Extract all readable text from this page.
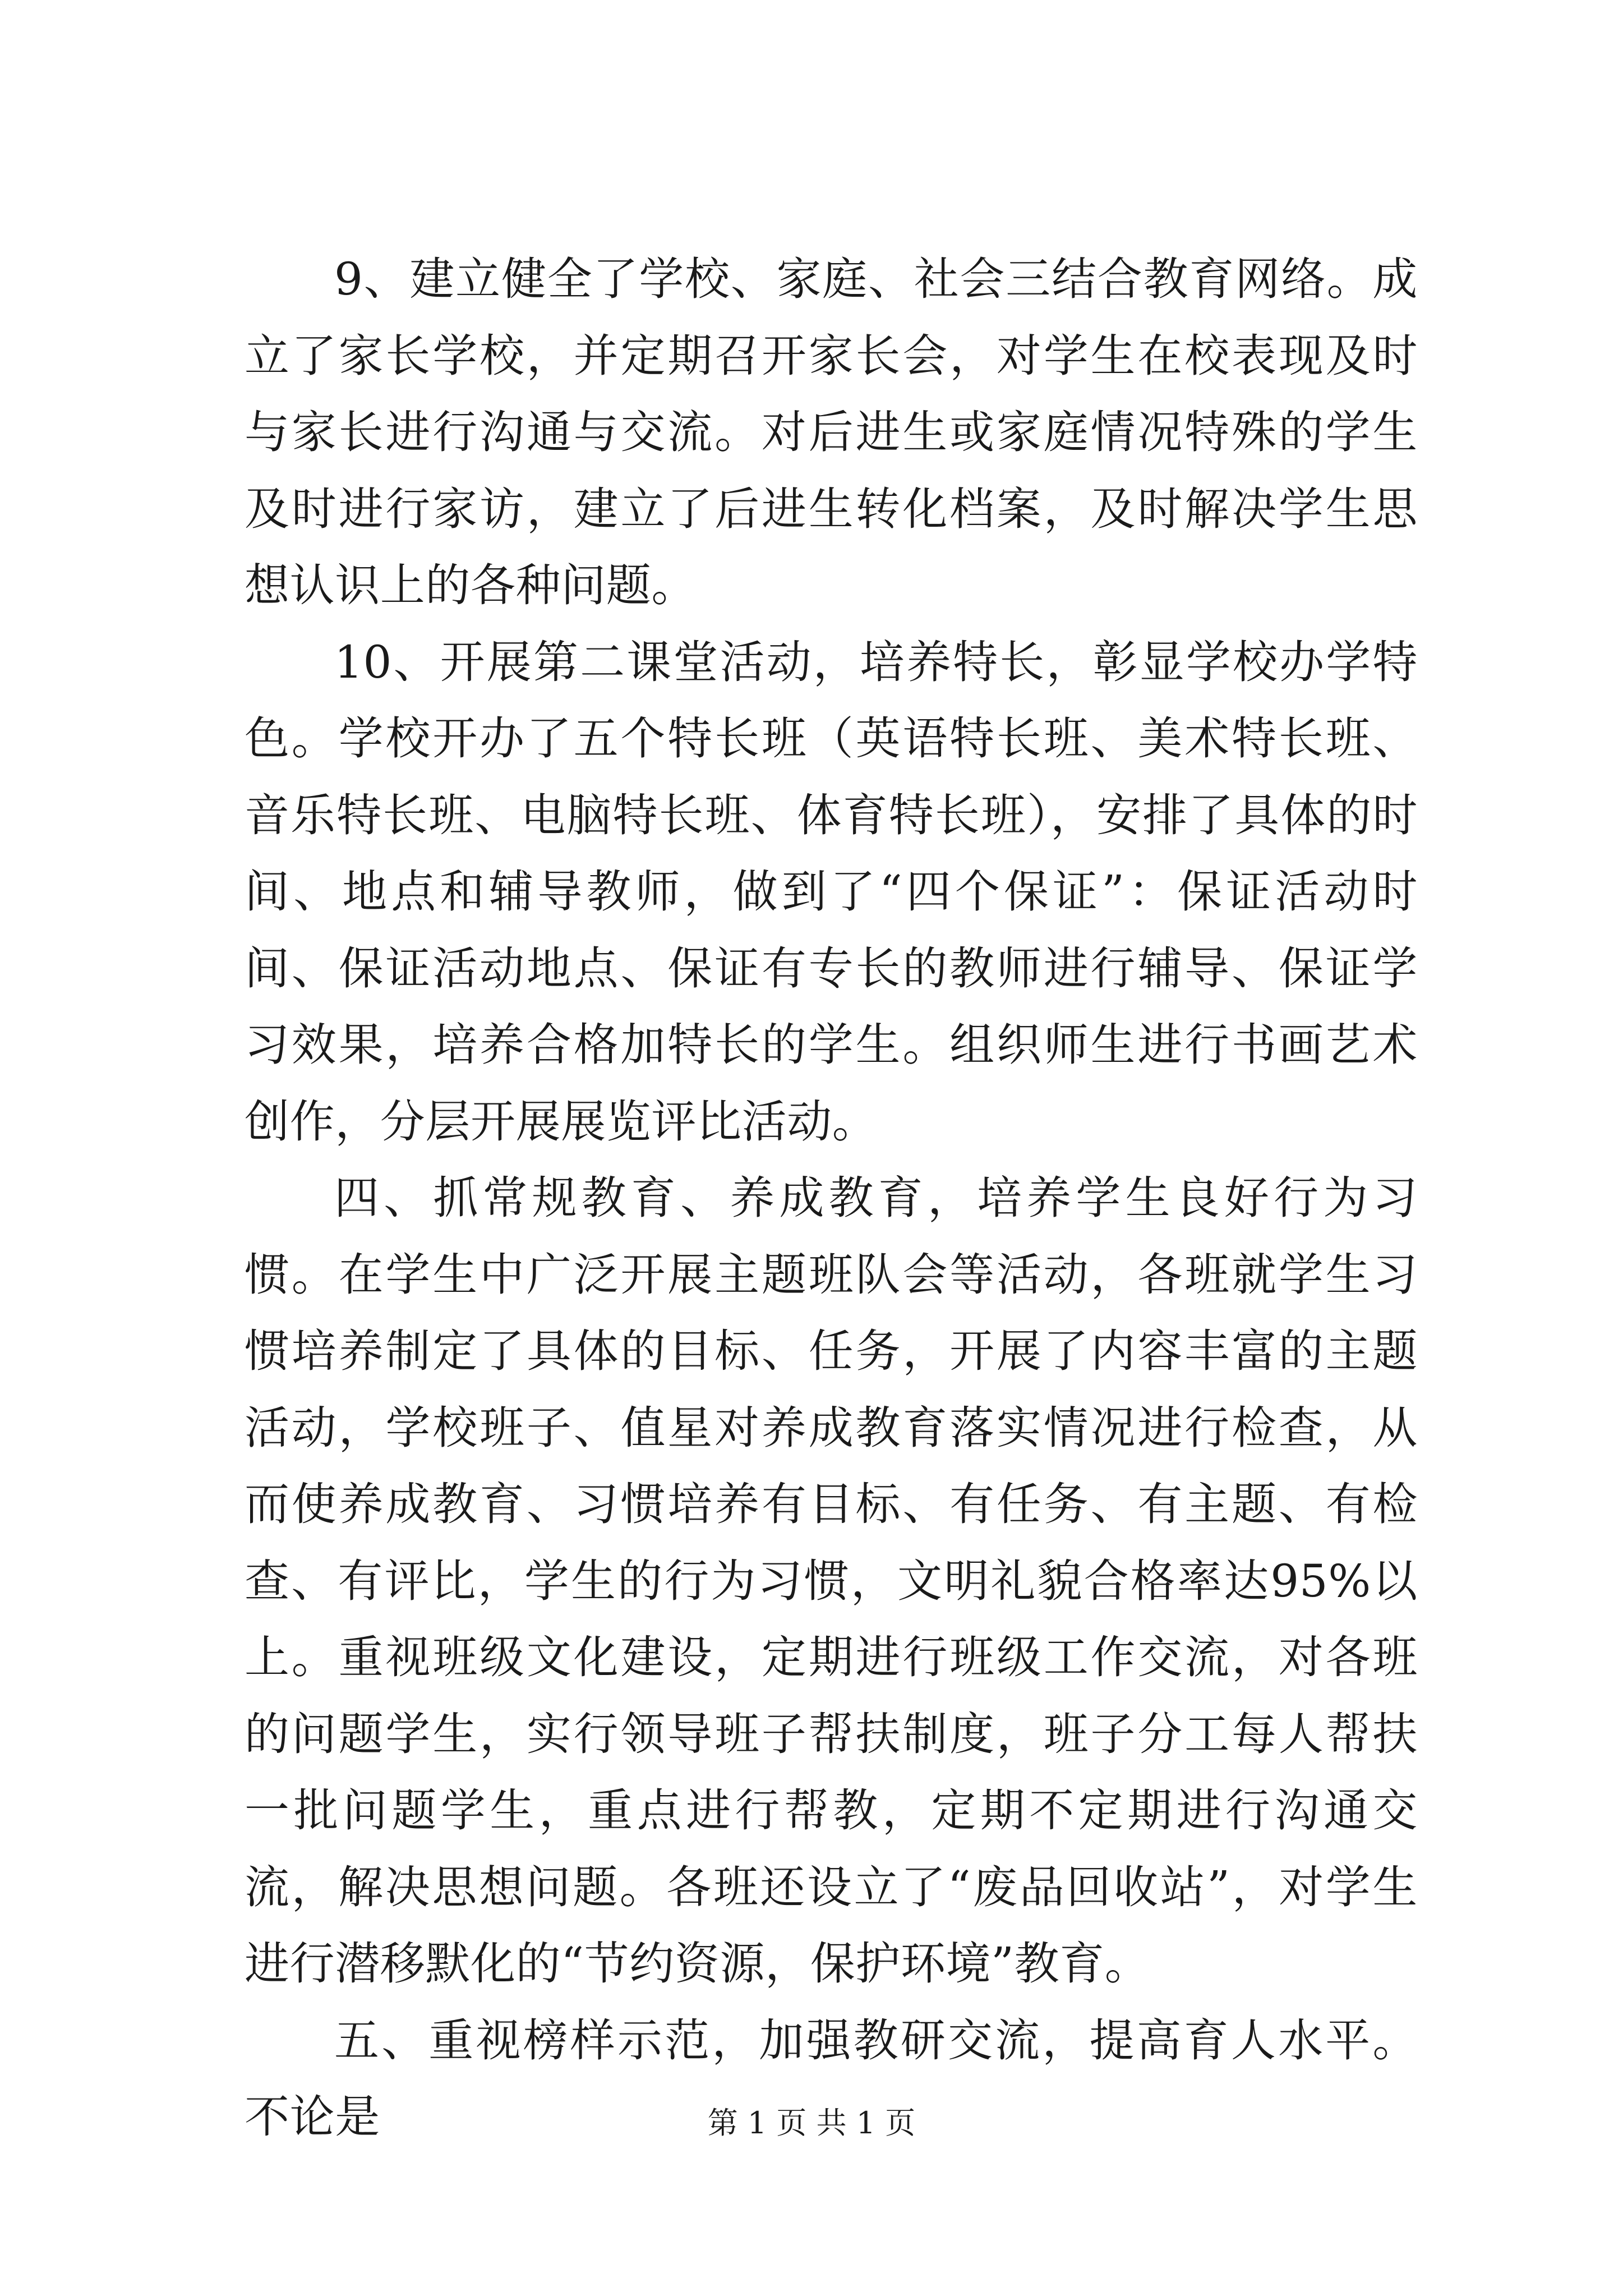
9、建立健全了学校、家庭、社会三结合教育网络。成立了家长学校，并定期召开家长会，对学生在校表现及时与家长进行沟通与交流。对后进生或家庭情况特殊的学生及时进行家访，建立了后进生转化档案，及时解决学生思想认识上的各种问题。

10、开展第二课堂活动，培养特长，彰显学校办学特色。学校开办了五个特长班（英语特长班、美术特长班、音乐特长班、电脑特长班、体育特长班），安排了具体的时间、地点和辅导教师，做到了“四个保证”：保证活动时间、保证活动地点、保证有专长的教师进行辅导、保证学习效果，培养合格加特长的学生。组织师生进行书画艺术创作，分层开展展览评比活动。

四、抓常规教育、养成教育，培养学生良好行为习惯。在学生中广泛开展主题班队会等活动，各班就学生习惯培养制定了具体的目标、任务，开展了内容丰富的主题活动，学校班子、值星对养成教育落实情况进行检查，从而使养成教育、习惯培养有目标、有任务、有主题、有检查、有评比，学生的行为习惯，文明礼貌合格率达95%以上。重视班级文化建设，定期进行班级工作交流，对各班的问题学生，实行领导班子帮扶制度，班子分工每人帮扶一批问题学生，重点进行帮教，定期不定期进行沟通交流，解决思想问题。各班还设立了“废品回收站”，对学生进行潜移默化的“节约资源，保护环境”教育。

五、重视榜样示范，加强教研交流，提高育人水平。不论是	第 1 页 共 1 页
